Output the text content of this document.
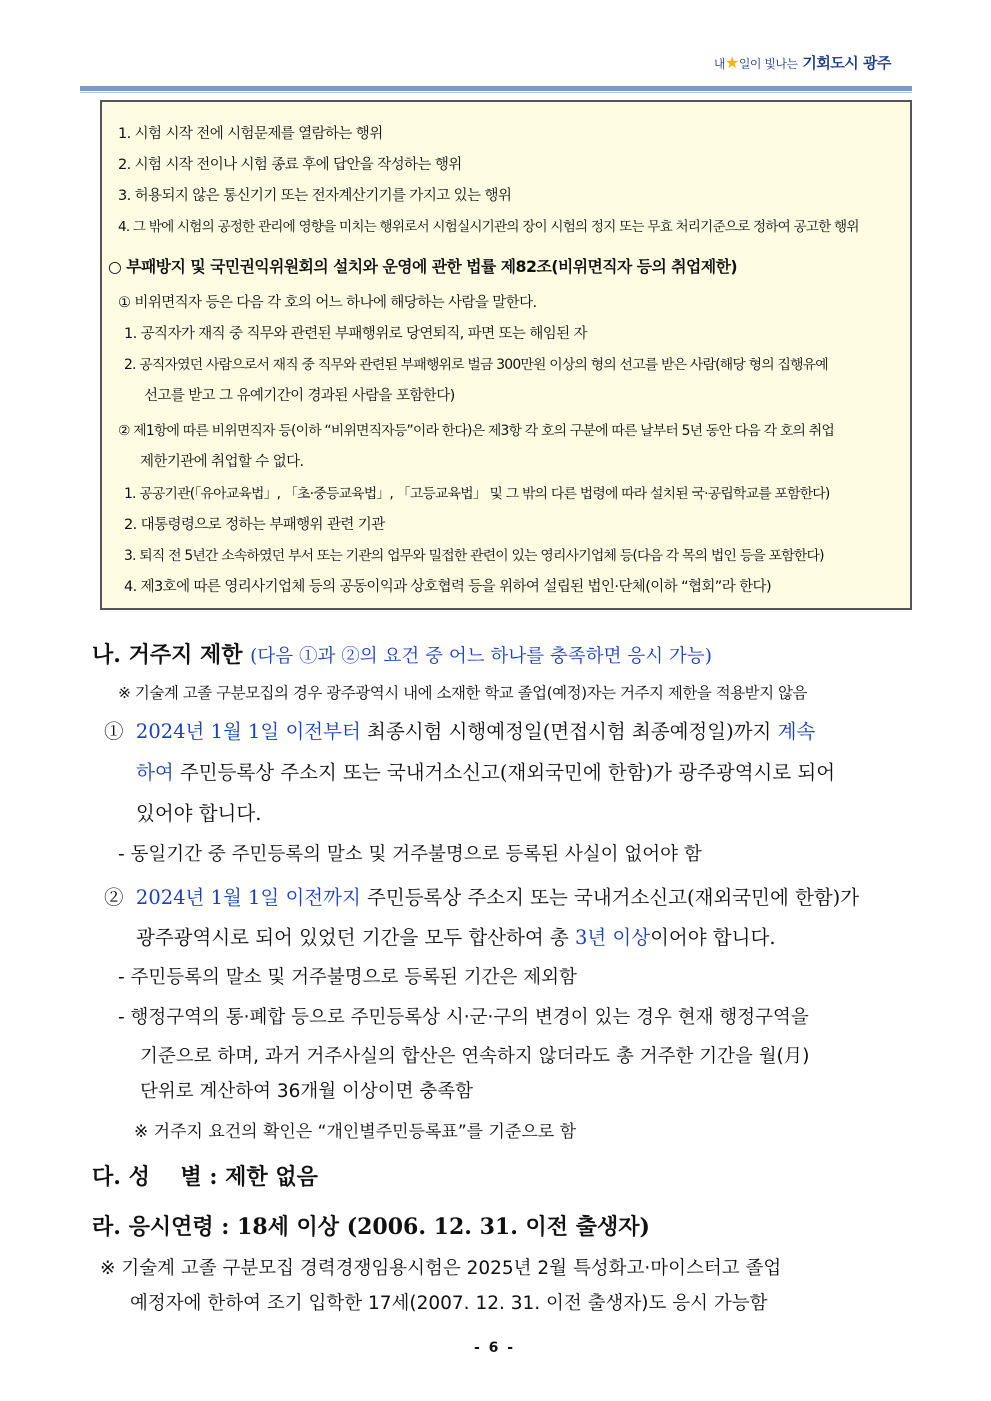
내★일이 빛나는 기회도시 광주
1. 시험 시작 전에 시험문제를 열람하는 행위
2. 시험 시작 전이나 시험 종료 후에 답안을 작성하는 행위
3. 허용되지 않은 통신기기 또는 전자계산기기를 가지고 있는 행위
4. 그 밖에 시험의 공정한 관리에 영향을 미치는 행위로서 시험실시기관의 장이 시험의 정지 또는 무효 처리기준으로 정하여 공고한 행위
○ 부패방지 및 국민권익위원회의 설치와 운영에 관한 법률 제82조(비위면직자 등의 취업제한)
① 비위면직자 등은 다음 각 호의 어느 하나에 해당하는 사람을 말한다.
1. 공직자가 재직 중 직무와 관련된 부패행위로 당연퇴직, 파면 또는 해임된 자
2. 공직자였던 사람으로서 재직 중 직무와 관련된 부패행위로 벌금 300만원 이상의 형의 선고를 받은 사람(해당 형의 집행유예
선고를 받고 그 유예기간이 경과된 사람을 포함한다)
② 제1항에 따른 비위면직자 등(이하 “비위면직자등”이라 한다)은 제3항 각 호의 구분에 따른 날부터 5년 동안 다음 각 호의 취업
제한기관에 취업할 수 없다.
1. 공공기관(「유아교육법」, 「초·중등교육법」, 「고등교육법」 및 그 밖의 다른 법령에 따라 설치된 국·공립학교를 포함한다)
2. 대통령령으로 정하는 부패행위 관련 기관
3. 퇴직 전 5년간 소속하였던 부서 또는 기관의 업무와 밀접한 관련이 있는 영리사기업체 등(다음 각 목의 법인 등을 포함한다)
4. 제3호에 따른 영리사기업체 등의 공동이익과 상호협력 등을 위하여 설립된 법인·단체(이하 “협회”라 한다)
나. 거주지 제한 (다음 ①과 ②의 요건 중 어느 하나를 충족하면 응시 가능)
※ 기술계 고졸 구분모집의 경우 광주광역시 내에 소재한 학교 졸업(예정)자는 거주지 제한을 적용받지 않음
① 2024년 1월 1일 이전부터 최종시험 시행예정일(면접시험 최종예정일)까지 계속
하여 주민등록상 주소지 또는 국내거소신고(재외국민에 한함)가 광주광역시로 되어
있어야 합니다.
- 동일기간 중 주민등록의 말소 및 거주불명으로 등록된 사실이 없어야 함
② 2024년 1월 1일 이전까지 주민등록상 주소지 또는 국내거소신고(재외국민에 한함)가
광주광역시로 되어 있었던 기간을 모두 합산하여 총 3년 이상이어야 합니다.
- 주민등록의 말소 및 거주불명으로 등록된 기간은 제외함
- 행정구역의 통·폐합 등으로 주민등록상 시·군·구의 변경이 있는 경우 현재 행정구역을
기준으로 하며, 과거 거주사실의 합산은 연속하지 않더라도 총 거주한 기간을 월(月)
단위로 계산하여 36개월 이상이면 충족함
※ 거주지 요건의 확인은 “개인별주민등록표”를 기준으로 함
다. 성    별 : 제한 없음
라. 응시연령 : 18세 이상 (2006. 12. 31. 이전 출생자)
※ 기술계 고졸 구분모집 경력경쟁임용시험은 2025년 2월 특성화고·마이스터고 졸업
예정자에 한하여 조기 입학한 17세(2007. 12. 31. 이전 출생자)도 응시 가능함
- 6 -
